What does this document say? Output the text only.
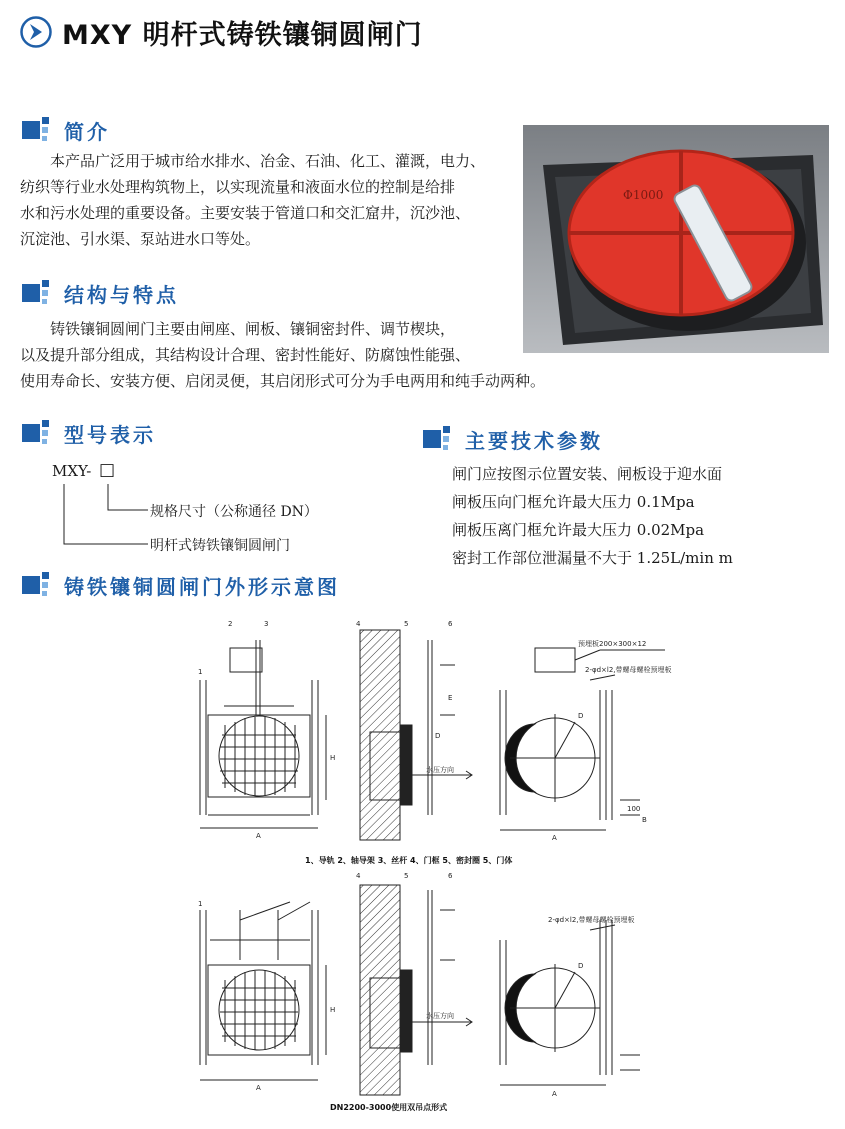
MXY 明杆式铸铁镶铜圆闸门
简介
本产品广泛用于城市给水排水、冶金、石油、化工、灌溉，电力、
纺织等行业水处理构筑物上，以实现流量和液面水位的控制是给排
水和污水处理的重要设备。主要安装于管道口和交汇窟井，沉沙池、
沉淀池、引水渠、泵站进水口等处。
Φ1000
结构与特点
铸铁镶铜圆闸门主要由闸座、闸板、镶铜密封件、调节楔块，
以及提升部分组成，其结构设计合理、密封性能好、防腐蚀性能强、
使用寿命长、安装方便、启闭灵便，其启闭形式可分为手电两用和纯手动两种。
型号表示
MXY- □
规格尺寸（公称通径 DN）
明杆式铸铁镶铜圆闸门
主要技术参数
闸门应按图示位置安装、闸板设于迎水面
闸板压向门框允许最大压力 0.1Mpa
闸板压离门框允许最大压力 0.02Mpa
密封工作部位泄漏量不大于 1.25L/min m
铸铁镶铜圆闸门外形示意图
1
2	3	4	5	6
A
H
D
E
水压方向
预埋板200×300×12
2-φd×l2,带螺母螺栓预埋板
D
A
100
B
1
4	5	6
A
H
水压方向
2-φd×l2,带螺母螺栓预埋板
D
A
1、导轨 2、轴导架 3、丝杆 4、门框 5、密封圈 5、门体
DN2200-3000使用双吊点形式
